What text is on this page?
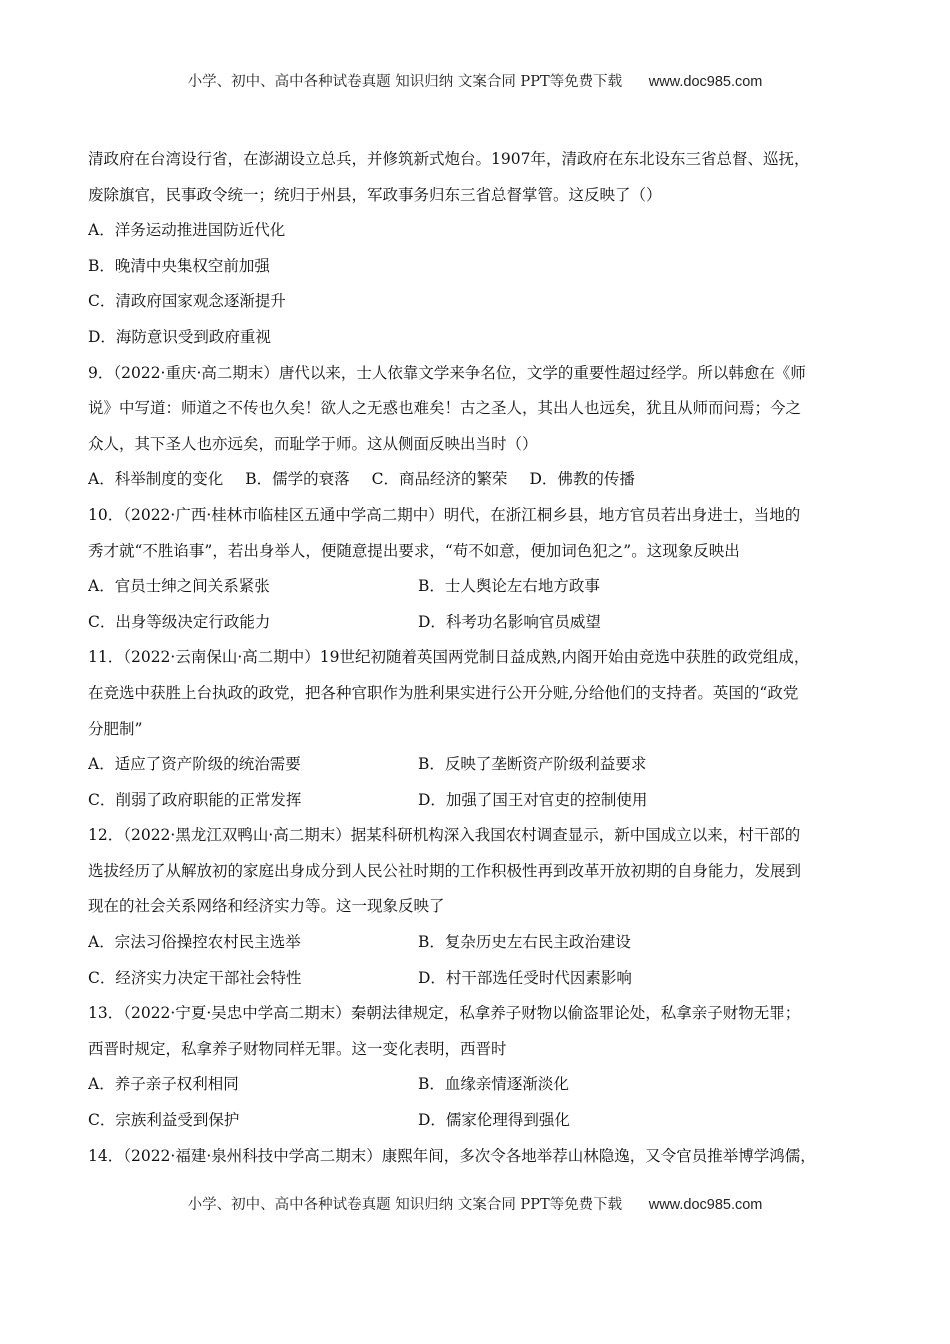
小学、初中、高中各种试卷真题 知识归纳 文案合同 PPT等免费下载 www.doc985.com
清政府在台湾设行省，在澎湖设立总兵，并修筑新式炮台。1907年，清政府在东北设东三省总督、巡抚，
废除旗官，民事政令统一；统归于州县，军政事务归东三省总督掌管。这反映了（）
A．洋务运动推进国防近代化
B．晚清中央集权空前加强
C．清政府国家观念逐渐提升
D．海防意识受到政府重视
9．（2022·重庆·高二期末）唐代以来，士人依靠文学来争名位，文学的重要性超过经学。所以韩愈在《师
说》中写道：师道之不传也久矣！欲人之无惑也难矣！古之圣人，其出人也远矣，犹且从师而问焉；今之
众人，其下圣人也亦远矣，而耻学于师。这从侧面反映出当时（）
A．科举制度的变化 B．儒学的衰落 C．商品经济的繁荣 D．佛教的传播
10．（2022·广西·桂林市临桂区五通中学高二期中）明代，在浙江桐乡县，地方官员若出身进士，当地的
秀才就“不胜谄事”，若出身举人，便随意提出要求，“苟不如意，便加词色犯之”。这现象反映出
A．官员士绅之间关系紧张	B．士人舆论左右地方政事
C．出身等级决定行政能力	D．科考功名影响官员威望
11．（2022·云南保山·高二期中）19世纪初随着英国两党制日益成熟,内阁开始由竞选中获胜的政党组成，
在竞选中获胜上台执政的政党，把各种官职作为胜利果实进行公开分赃,分给他们的支持者。英国的“政党
分肥制”
A．适应了资产阶级的统治需要	B．反映了垄断资产阶级利益要求
C．削弱了政府职能的正常发挥	D．加强了国王对官吏的控制使用
12．（2022·黑龙江双鸭山·高二期末）据某科研机构深入我国农村调查显示，新中国成立以来，村干部的
选拔经历了从解放初的家庭出身成分到人民公社时期的工作积极性再到改革开放初期的自身能力，发展到
现在的社会关系网络和经济实力等。这一现象反映了
A．宗法习俗操控农村民主选举	B．复杂历史左右民主政治建设
C．经济实力决定干部社会特性	D．村干部选任受时代因素影响
13．（2022·宁夏·吴忠中学高二期末）秦朝法律规定，私拿养子财物以偷盗罪论处，私拿亲子财物无罪；
西晋时规定，私拿养子财物同样无罪。这一变化表明，西晋时
A．养子亲子权利相同	B．血缘亲情逐渐淡化
C．宗族利益受到保护	D．儒家伦理得到强化
14．（2022·福建·泉州科技中学高二期末）康熙年间，多次令各地举荐山林隐逸，又令官员推举博学鸿儒，
小学、初中、高中各种试卷真题 知识归纳 文案合同 PPT等免费下载 www.doc985.com
